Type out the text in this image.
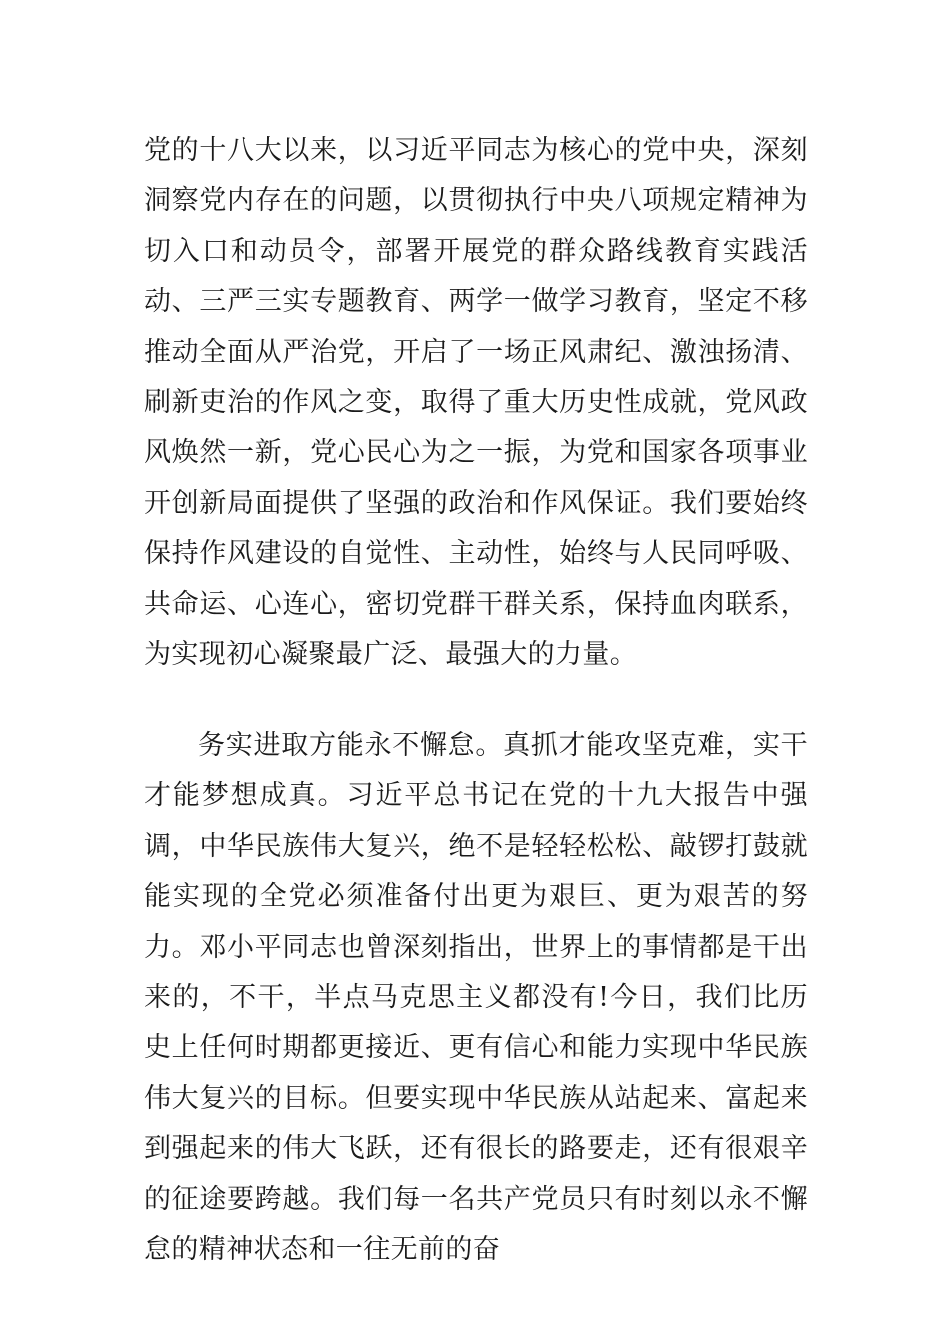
党的十八大以来，以习近平同志为核心的党中央，深刻洞察党内存在的问题，以贯彻执行中央八项规定精神为切入口和动员令，部署开展党的群众路线教育实践活动、三严三实专题教育、两学一做学习教育，坚定不移推动全面从严治党，开启了一场正风肃纪、激浊扬清、刷新吏治的作风之变，取得了重大历史性成就，党风政风焕然一新，党心民心为之一振，为党和国家各项事业开创新局面提供了坚强的政治和作风保证。我们要始终保持作风建设的自觉性、主动性，始终与人民同呼吸、共命运、心连心，密切党群干群关系，保持血肉联系，为实现初心凝聚最广泛、最强大的力量。

务实进取方能永不懈怠。真抓才能攻坚克难，实干才能梦想成真。习近平总书记在党的十九大报告中强调，中华民族伟大复兴，绝不是轻轻松松、敲锣打鼓就能实现的全党必须准备付出更为艰巨、更为艰苦的努力。邓小平同志也曾深刻指出，世界上的事情都是干出来的，不干，半点马克思主义都没有!今日，我们比历史上任何时期都更接近、更有信心和能力实现中华民族伟大复兴的目标。但要实现中华民族从站起来、富起来到强起来的伟大飞跃，还有很长的路要走，还有很艰辛的征途要跨越。我们每一名共产党员只有时刻以永不懈怠的精神状态和一往无前的奋
